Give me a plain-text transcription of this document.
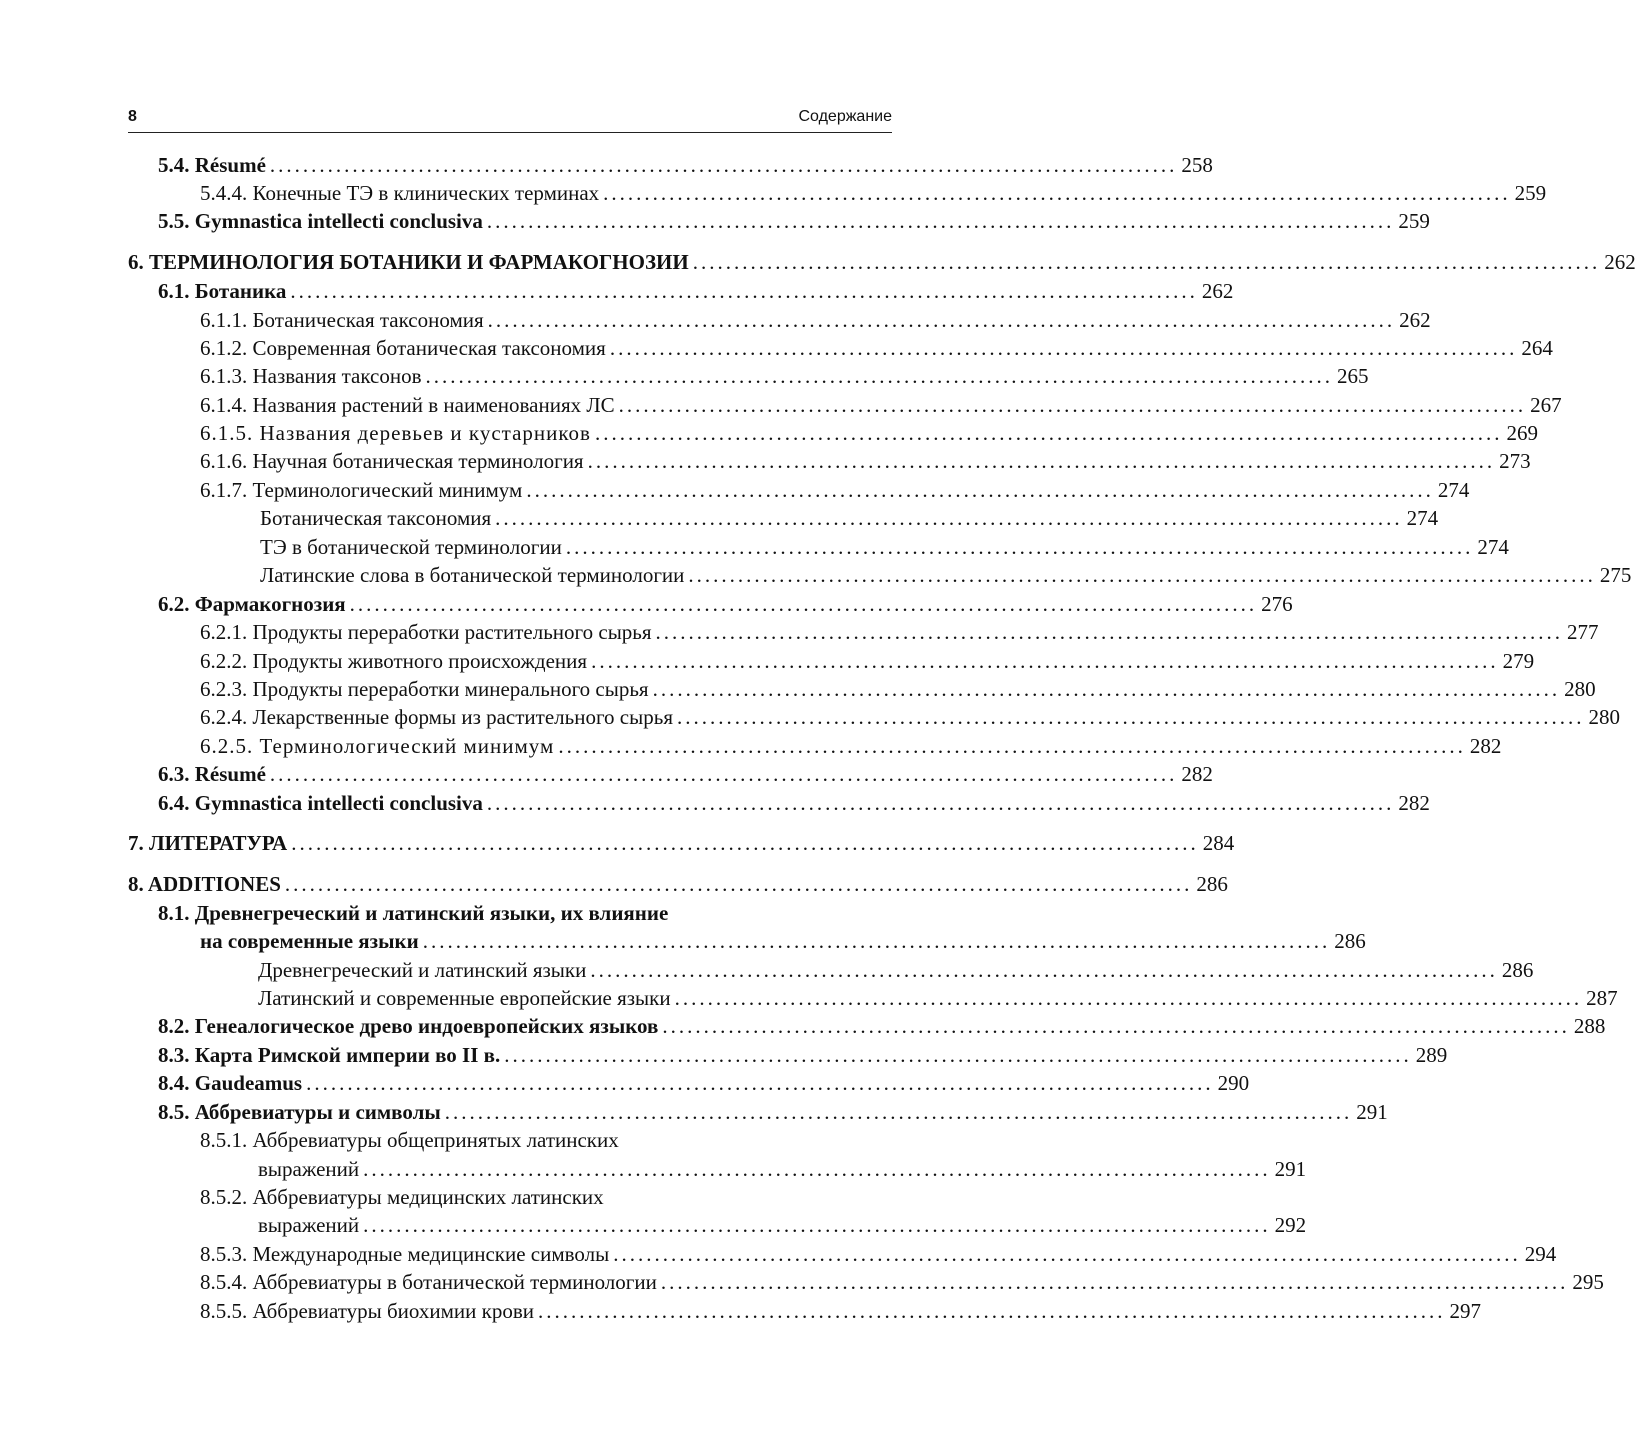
8	Содержание
5.4. Résumé .............................................................................................................. 258
5.4.4. Конечные ТЭ в клинических терминах .............................................................................................................. 259
5.5. Gymnastica intellecti conclusiva .............................................................................................................. 259
6. ТЕРМИНОЛОГИЯ БОТАНИКИ И ФАРМАКОГНОЗИИ .............................................................................................................. 262
6.1. Ботаника .............................................................................................................. 262
6.1.1. Ботаническая таксономия .............................................................................................................. 262
6.1.2. Современная ботаническая таксономия .............................................................................................................. 264
6.1.3. Названия таксонов .............................................................................................................. 265
6.1.4. Названия растений в наименованиях ЛС .............................................................................................................. 267
6.1.5. Названия деревьев и кустарников .............................................................................................................. 269
6.1.6. Научная ботаническая терминология .............................................................................................................. 273
6.1.7. Терминологический минимум .............................................................................................................. 274
Ботаническая таксономия .............................................................................................................. 274
ТЭ в ботанической терминологии .............................................................................................................. 274
Латинские слова в ботанической терминологии .............................................................................................................. 275
6.2. Фармакогнозия .............................................................................................................. 276
6.2.1. Продукты переработки растительного сырья .............................................................................................................. 277
6.2.2. Продукты животного происхождения .............................................................................................................. 279
6.2.3. Продукты переработки минерального сырья .............................................................................................................. 280
6.2.4. Лекарственные формы из растительного сырья .............................................................................................................. 280
6.2.5. Терминологический минимум .............................................................................................................. 282
6.3. Résumé .............................................................................................................. 282
6.4. Gymnastica intellecti conclusiva .............................................................................................................. 282
7. ЛИТЕРАТУРА .............................................................................................................. 284
8. ADDITIONES .............................................................................................................. 286
8.1. Древнегреческий и латинский языки, их влияние
на современные языки .............................................................................................................. 286
Древнегреческий и латинский языки .............................................................................................................. 286
Латинский и современные европейские языки .............................................................................................................. 287
8.2. Генеалогическое древо индоевропейских языков .............................................................................................................. 288
8.3. Карта Римской империи во II в. .............................................................................................................. 289
8.4. Gaudeamus .............................................................................................................. 290
8.5. Аббревиатуры и символы .............................................................................................................. 291
8.5.1. Аббревиатуры общепринятых латинских
выражений .............................................................................................................. 291
8.5.2. Аббревиатуры медицинских латинских
выражений .............................................................................................................. 292
8.5.3. Международные медицинские символы .............................................................................................................. 294
8.5.4. Аббревиатуры в ботанической терминологии .............................................................................................................. 295
8.5.5. Аббревиатуры биохимии крови .............................................................................................................. 297
